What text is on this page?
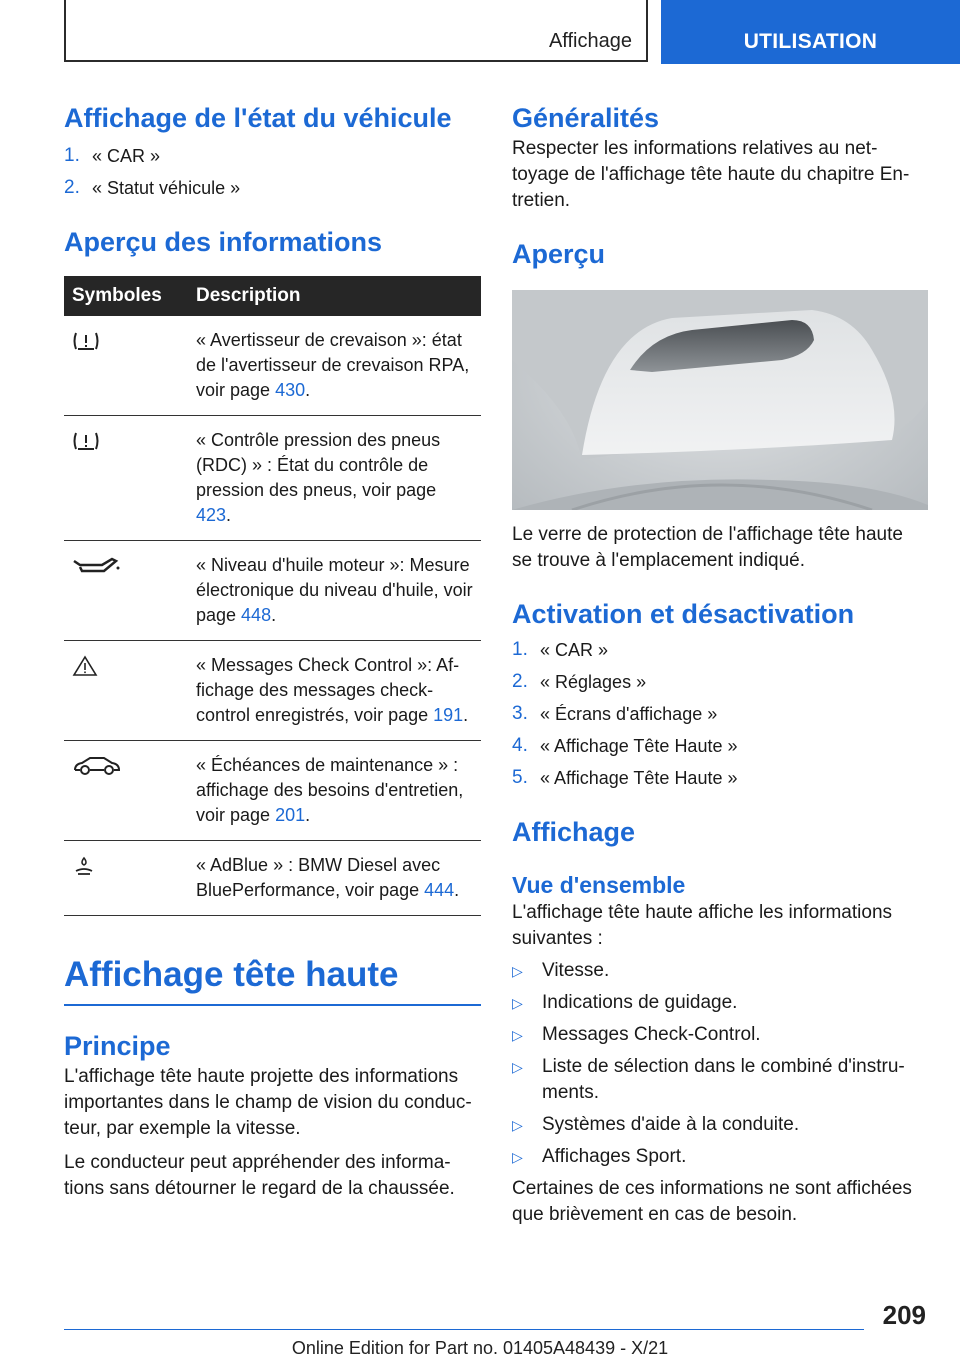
Affichage	UTILISATION
Affichage de l'état du véhicule
1. « CAR »
2. « Statut véhicule »
Aperçu des informations
Symboles	Description
	« Avertisseur de crevaison »: état de l'avertisseur de crevaison RPA, voir page 430.
	« Contrôle pression des pneus (RDC) » : État du contrôle de pression des pneus, voir page 423.
	« Niveau d'huile moteur »: Mesure électronique du niveau d'huile, voir page 448.
	« Messages Check Control »: Affichage des messages check-control enregistrés, voir page 191.
	« Échéances de maintenance » : affichage des besoins d'entretien, voir page 201.
	« AdBlue » : BMW Diesel avec BluePerformance, voir page 444.
Affichage tête haute
Principe

L'affichage tête haute projette des informations importantes dans le champ de vision du conducteur, par exemple la vitesse.

Le conducteur peut appréhender des informations sans détourner le regard de la chaussée.

Généralités

Respecter les informations relatives au nettoyage de l'affichage tête haute du chapitre Entretien.

Aperçu

Le verre de protection de l'affichage tête haute se trouve à l'emplacement indiqué.

Activation et désactivation
1. « CAR »
2. « Réglages »
3. « Écrans d'affichage »
4. « Affichage Tête Haute »
5. « Affichage Tête Haute »
Affichage
Vue d'ensemble

L'affichage tête haute affiche les informations suivantes :

▷	Vitesse.
▷	Indications de guidage.
▷	Messages Check-Control.
▷	Liste de sélection dans le combiné d'instruments.
▷	Systèmes d'aide à la conduite.
▷	Affichages Sport.

Certaines de ces informations ne sont affichées que brièvement en cas de besoin.

209
Online Edition for Part no. 01405A48439 - X/21
